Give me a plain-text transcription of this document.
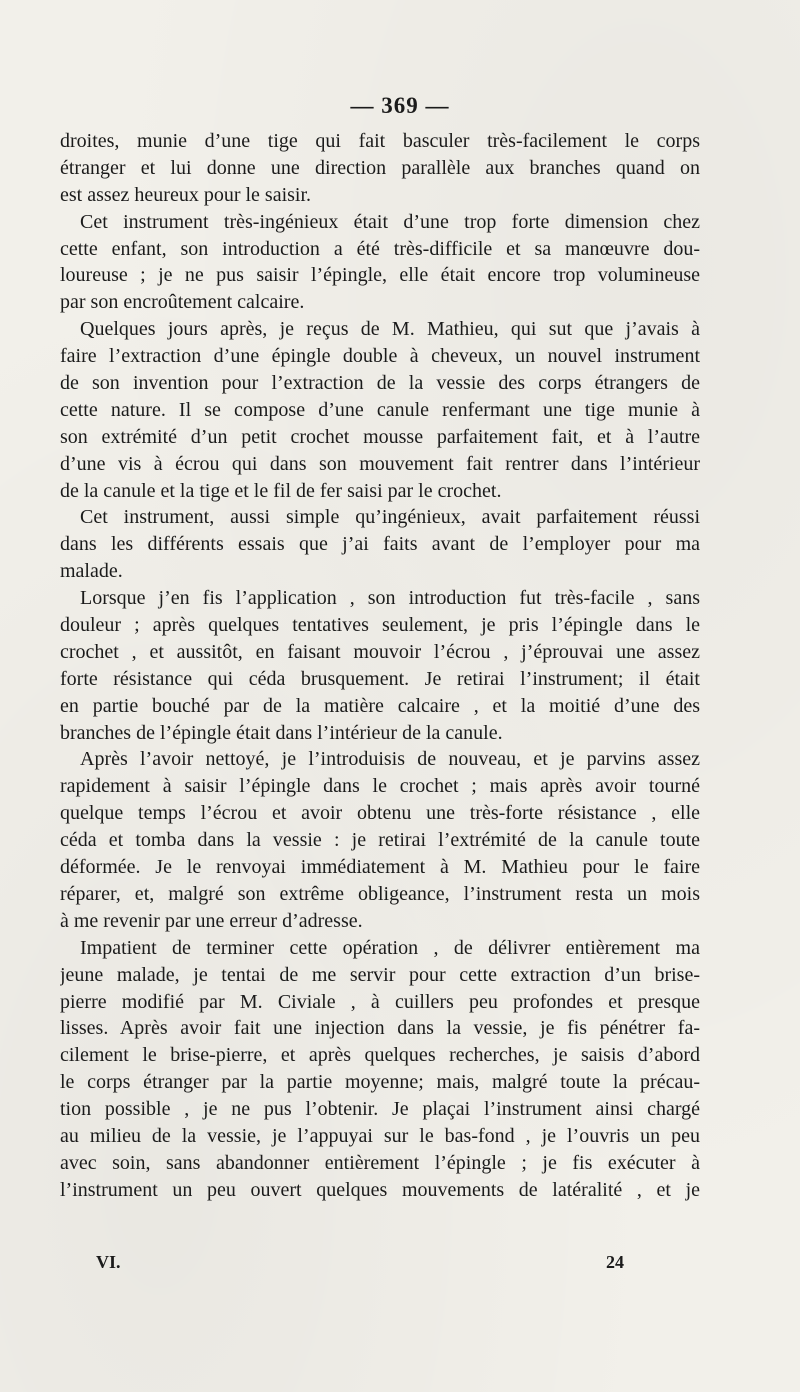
— 369 —
droites, munie d’une tige qui fait basculer très-facilement le corps
étranger et lui donne une direction parallèle aux branches quand on
est assez heureux pour le saisir.
Cet instrument très-ingénieux était d’une trop forte dimension chez
cette enfant, son introduction a été très-difficile et sa manœuvre dou-
loureuse ; je ne pus saisir l’épingle, elle était encore trop volumineuse
par son encroûtement calcaire.
Quelques jours après, je reçus de M. Mathieu, qui sut que j’avais à
faire l’extraction d’une épingle double à cheveux, un nouvel instrument
de son invention pour l’extraction de la vessie des corps étrangers de
cette nature. Il se compose d’une canule renfermant une tige munie à
son extrémité d’un petit crochet mousse parfaitement fait, et à l’autre
d’une vis à écrou qui dans son mouvement fait rentrer dans l’intérieur
de la canule et la tige et le fil de fer saisi par le crochet.
Cet instrument, aussi simple qu’ingénieux, avait parfaitement réussi
dans les différents essais que j’ai faits avant de l’employer pour ma
malade.
Lorsque j’en fis l’application , son introduction fut très-facile , sans
douleur ; après quelques tentatives seulement, je pris l’épingle dans le
crochet , et aussitôt, en faisant mouvoir l’écrou , j’éprouvai une assez
forte résistance qui céda brusquement. Je retirai l’instrument; il était
en partie bouché par de la matière calcaire , et la moitié d’une des
branches de l’épingle était dans l’intérieur de la canule.
Après l’avoir nettoyé, je l’introduisis de nouveau, et je parvins assez
rapidement à saisir l’épingle dans le crochet ; mais après avoir tourné
quelque temps l’écrou et avoir obtenu une très-forte résistance , elle
céda et tomba dans la vessie : je retirai l’extrémité de la canule toute
déformée. Je le renvoyai immédiatement à M. Mathieu pour le faire
réparer, et, malgré son extrême obligeance, l’instrument resta un mois
à me revenir par une erreur d’adresse.
Impatient de terminer cette opération , de délivrer entièrement ma
jeune malade, je tentai de me servir pour cette extraction d’un brise-
pierre modifié par M. Civiale , à cuillers peu profondes et presque
lisses. Après avoir fait une injection dans la vessie, je fis pénétrer fa-
cilement le brise-pierre, et après quelques recherches, je saisis d’abord
le corps étranger par la partie moyenne; mais, malgré toute la précau-
tion possible , je ne pus l’obtenir. Je plaçai l’instrument ainsi chargé
au milieu de la vessie, je l’appuyai sur le bas-fond , je l’ouvris un peu
avec soin, sans abandonner entièrement l’épingle ; je fis exécuter à
l’instrument un peu ouvert quelques mouvements de latéralité , et je
VI.	24
